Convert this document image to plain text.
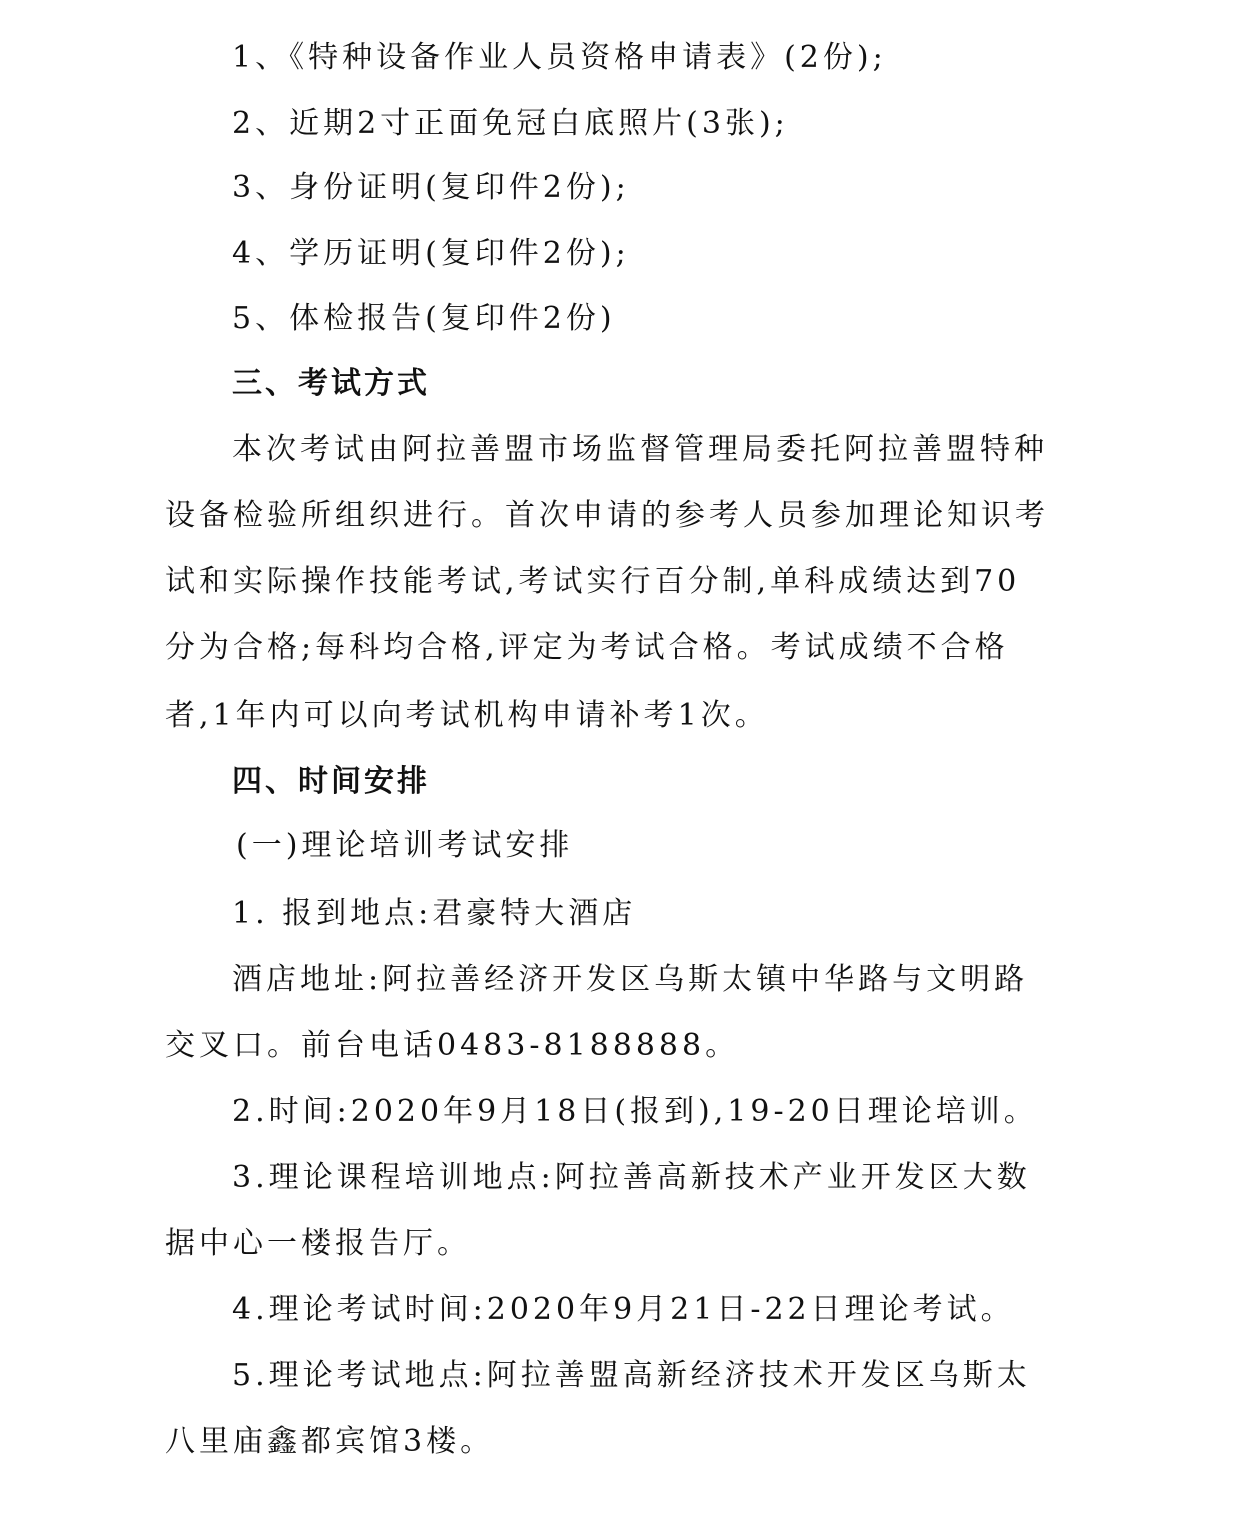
1、《特种设备作业人员资格申请表》(2份);
2、近期2寸正面免冠白底照片(3张);
3、身份证明(复印件2份);
4、学历证明(复印件2份);
5、体检报告(复印件2份)
三、考试方式
本次考试由阿拉善盟市场监督管理局委托阿拉善盟特种
设备检验所组织进行。首次申请的参考人员参加理论知识考
试和实际操作技能考试,考试实行百分制,单科成绩达到70
分为合格;每科均合格,评定为考试合格。考试成绩不合格
者,1年内可以向考试机构申请补考1次。
四、时间安排
(一)理论培训考试安排
1. 报到地点:君豪特大酒店
酒店地址:阿拉善经济开发区乌斯太镇中华路与文明路
交叉口。前台电话0483-8188888。
2.时间:2020年9月18日(报到),19-20日理论培训。
3.理论课程培训地点:阿拉善高新技术产业开发区大数
据中心一楼报告厅。
4.理论考试时间:2020年9月21日-22日理论考试。
5.理论考试地点:阿拉善盟高新经济技术开发区乌斯太
八里庙鑫都宾馆3楼。
